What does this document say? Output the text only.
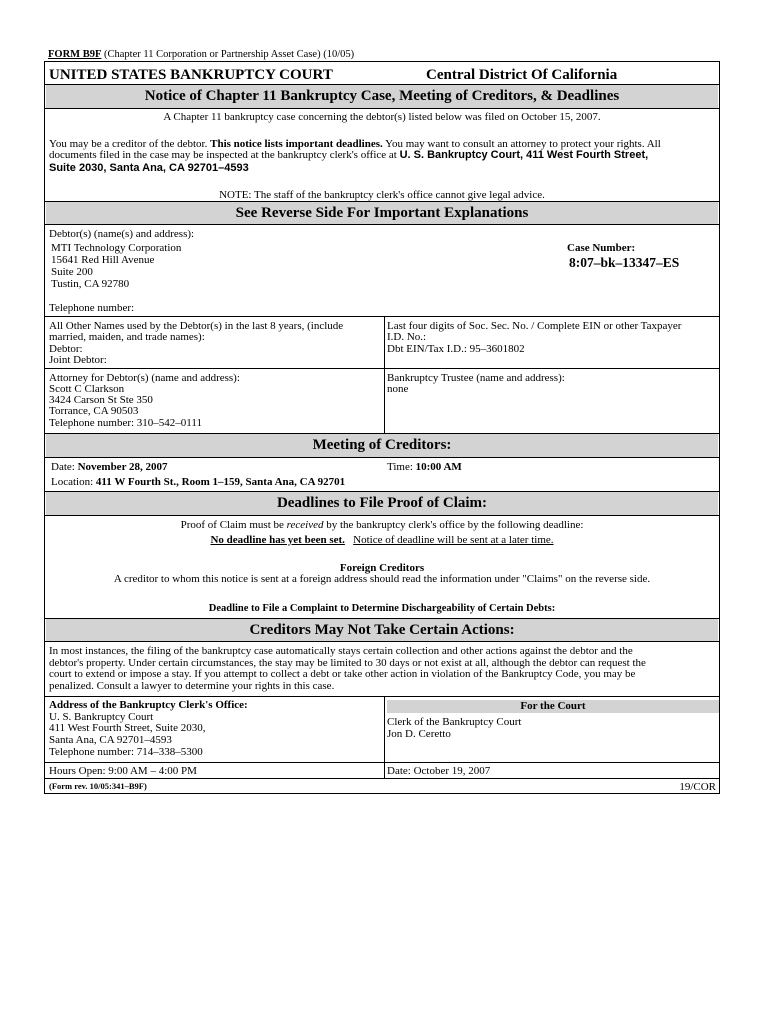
FORM B9F (Chapter 11 Corporation or Partnership Asset Case) (10/05)
UNITED STATES BANKRUPTCY COURT	Central District Of California
Notice of Chapter 11 Bankruptcy Case, Meeting of Creditors, & Deadlines
A Chapter 11 bankruptcy case concerning the debtor(s) listed below was filed on October 15, 2007.
You may be a creditor of the debtor. This notice lists important deadlines. You may want to consult an attorney to protect your rights. All
documents filed in the case may be inspected at the bankruptcy clerk's office at U. S. Bankruptcy Court, 411 West Fourth Street,
Suite 2030, Santa Ana, CA 92701–4593
NOTE: The staff of the bankruptcy clerk's office cannot give legal advice.
See Reverse Side For Important Explanations
Debtor(s) (name(s) and address):
MTI Technology Corporation
15641 Red Hill Avenue
Suite 200
Tustin, CA 92780
Telephone number:
Case Number:
8:07–bk–13347–ES
All Other Names used by the Debtor(s) in the last 8 years, (include
married, maiden, and trade names):
Debtor:
Joint Debtor:
Last four digits of Soc. Sec. No. / Complete EIN or other Taxpayer
I.D. No.:
Dbt EIN/Tax I.D.: 95–3601802
Attorney for Debtor(s) (name and address):
Scott C Clarkson
3424 Carson St Ste 350
Torrance, CA 90503
Telephone number: 310–542–0111
Bankruptcy Trustee (name and address):
none
Meeting of Creditors:
Date: November 28, 2007	Time: 10:00 AM
Location: 411 W Fourth St., Room 1–159, Santa Ana, CA 92701
Deadlines to File Proof of Claim:
Proof of Claim must be received by the bankruptcy clerk's office by the following deadline:
No deadline has yet been set. Notice of deadline will be sent at a later time.
Foreign Creditors
A creditor to whom this notice is sent at a foreign address should read the information under "Claims" on the reverse side.
Deadline to File a Complaint to Determine Dischargeability of Certain Debts:
Creditors May Not Take Certain Actions:
In most instances, the filing of the bankruptcy case automatically stays certain collection and other actions against the debtor and the
debtor's property. Under certain circumstances, the stay may be limited to 30 days or not exist at all, although the debtor can request the
court to extend or impose a stay. If you attempt to collect a debt or take other action in violation of the Bankruptcy Code, you may be
penalized. Consult a lawyer to determine your rights in this case.
Address of the Bankruptcy Clerk's Office:
U. S. Bankruptcy Court
411 West Fourth Street, Suite 2030,
Santa Ana, CA 92701–4593
Telephone number: 714–338–5300
For the Court
Clerk of the Bankruptcy Court
Jon D. Ceretto
Hours Open: 9:00 AM – 4:00 PM	Date: October 19, 2007
(Form rev. 10/05:341–B9F)	19/COR
